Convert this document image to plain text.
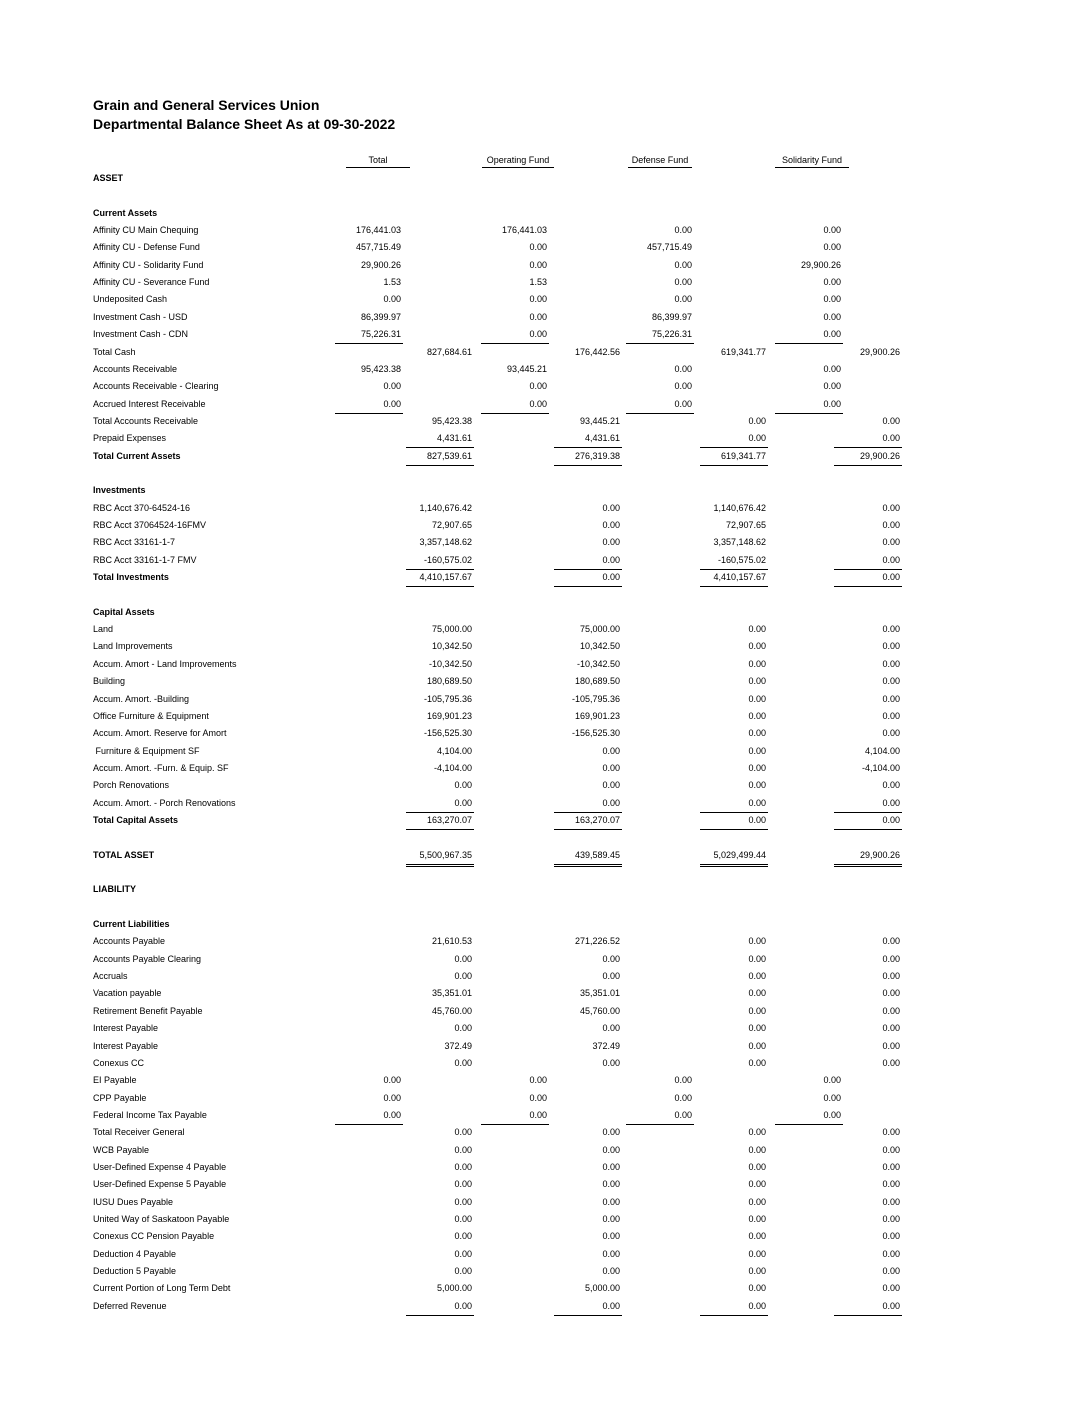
Grain and General Services Union
Departmental Balance Sheet As at 09-30-2022
Total	Operating Fund	Defense Fund	Solidarity Fund
ASSET
Current Assets
Affinity CU Main Chequing	176,441.03	176,441.03	0.00	0.00
Affinity CU - Defense Fund	457,715.49	0.00	457,715.49	0.00
Affinity CU - Solidarity Fund	29,900.26	0.00	0.00	29,900.26
Affinity CU - Severance Fund	1.53	1.53	0.00	0.00
Undeposited Cash	0.00	0.00	0.00	0.00
Investment Cash - USD	86,399.97	0.00	86,399.97	0.00
Investment Cash - CDN	75,226.31	0.00	75,226.31	0.00
Total Cash	827,684.61	176,442.56	619,341.77	29,900.26
Accounts Receivable	95,423.38	93,445.21	0.00	0.00
Accounts Receivable - Clearing	0.00	0.00	0.00	0.00
Accrued Interest Receivable	0.00	0.00	0.00	0.00
Total Accounts Receivable	95,423.38	93,445.21	0.00	0.00
Prepaid Expenses	4,431.61	4,431.61	0.00	0.00
Total Current Assets	827,539.61	276,319.38	619,341.77	29,900.26
Investments
RBC Acct 370-64524-16	1,140,676.42	0.00	1,140,676.42	0.00
RBC Acct 37064524-16FMV	72,907.65	0.00	72,907.65	0.00
RBC Acct 33161-1-7	3,357,148.62	0.00	3,357,148.62	0.00
RBC Acct 33161-1-7 FMV	-160,575.02	0.00	-160,575.02	0.00
Total Investments	4,410,157.67	0.00	4,410,157.67	0.00
Capital Assets
Land	75,000.00	75,000.00	0.00	0.00
Land Improvements	10,342.50	10,342.50	0.00	0.00
Accum. Amort - Land Improvements	-10,342.50	-10,342.50	0.00	0.00
Building	180,689.50	180,689.50	0.00	0.00
Accum. Amort. -Building	-105,795.36	-105,795.36	0.00	0.00
Office Furniture & Equipment	169,901.23	169,901.23	0.00	0.00
Accum. Amort. Reserve for Amort	-156,525.30	-156,525.30	0.00	0.00
Furniture & Equipment SF	4,104.00	0.00	0.00	4,104.00
Accum. Amort. -Furn. & Equip. SF	-4,104.00	0.00	0.00	-4,104.00
Porch Renovations	0.00	0.00	0.00	0.00
Accum. Amort. - Porch Renovations	0.00	0.00	0.00	0.00
Total Capital Assets	163,270.07	163,270.07	0.00	0.00
TOTAL ASSET	5,500,967.35	439,589.45	5,029,499.44	29,900.26
LIABILITY
Current Liabilities
Accounts Payable	21,610.53	271,226.52	0.00	0.00
Accounts Payable Clearing	0.00	0.00	0.00	0.00
Accruals	0.00	0.00	0.00	0.00
Vacation payable	35,351.01	35,351.01	0.00	0.00
Retirement Benefit Payable	45,760.00	45,760.00	0.00	0.00
Interest Payable	0.00	0.00	0.00	0.00
Interest Payable	372.49	372.49	0.00	0.00
Conexus CC	0.00	0.00	0.00	0.00
EI Payable	0.00	0.00	0.00	0.00
CPP Payable	0.00	0.00	0.00	0.00
Federal Income Tax Payable	0.00	0.00	0.00	0.00
Total Receiver General	0.00	0.00	0.00	0.00
WCB Payable	0.00	0.00	0.00	0.00
User-Defined Expense 4 Payable	0.00	0.00	0.00	0.00
User-Defined Expense 5 Payable	0.00	0.00	0.00	0.00
IUSU Dues Payable	0.00	0.00	0.00	0.00
United Way of Saskatoon Payable	0.00	0.00	0.00	0.00
Conexus CC Pension Payable	0.00	0.00	0.00	0.00
Deduction 4 Payable	0.00	0.00	0.00	0.00
Deduction 5 Payable	0.00	0.00	0.00	0.00
Current Portion of Long Term Debt	5,000.00	5,000.00	0.00	0.00
Deferred Revenue	0.00	0.00	0.00	0.00
